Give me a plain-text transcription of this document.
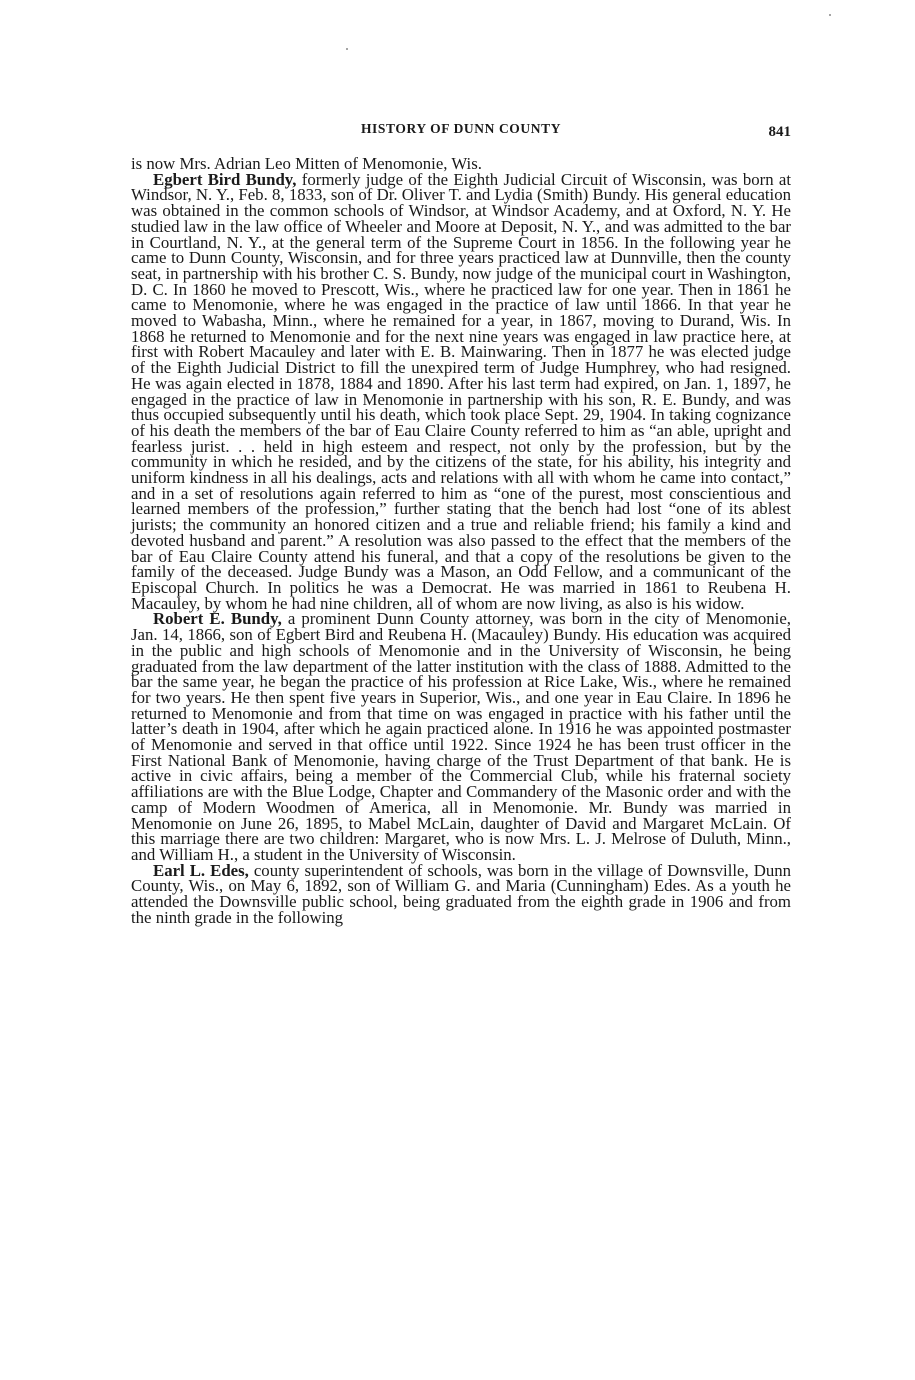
HISTORY OF DUNN COUNTY	841

is now Mrs. Adrian Leo Mitten of Menomonie, Wis.

Egbert Bird Bundy, formerly judge of the Eighth Judicial Circuit of Wisconsin, was born at Windsor, N. Y., Feb. 8, 1833, son of Dr. Oliver T. and Lydia (Smith) Bundy. His general education was obtained in the common schools of Windsor, at Windsor Academy, and at Oxford, N. Y. He studied law in the law office of Wheeler and Moore at Deposit, N. Y., and was admitted to the bar in Courtland, N. Y., at the general term of the Supreme Court in 1856. In the following year he came to Dunn County, Wisconsin, and for three years practiced law at Dunnville, then the county seat, in partnership with his brother C. S. Bundy, now judge of the municipal court in Washington, D. C. In 1860 he moved to Prescott, Wis., where he practiced law for one year. Then in 1861 he came to Menomonie, where he was engaged in the practice of law until 1866. In that year he moved to Wabasha, Minn., where he remained for a year, in 1867, moving to Durand, Wis. In 1868 he returned to Menomonie and for the next nine years was engaged in law practice here, at first with Robert Macauley and later with E. B. Mainwaring. Then in 1877 he was elected judge of the Eighth Judicial District to fill the unexpired term of Judge Humphrey, who had resigned. He was again elected in 1878, 1884 and 1890. After his last term had expired, on Jan. 1, 1897, he engaged in the practice of law in Menomonie in partnership with his son, R. E. Bundy, and was thus occupied subsequently until his death, which took place Sept. 29, 1904. In taking cognizance of his death the members of the bar of Eau Claire County referred to him as “an able, upright and fearless jurist. . . held in high esteem and respect, not only by the profession, but by the community in which he resided, and by the citizens of the state, for his ability, his integrity and uniform kindness in all his dealings, acts and relations with all with whom he came into contact,” and in a set of resolutions again referred to him as “one of the purest, most conscientious and learned members of the profession,” further stating that the bench had lost “one of its ablest jurists; the community an honored citizen and a true and reliable friend; his family a kind and devoted husband and parent.” A resolution was also passed to the effect that the members of the bar of Eau Claire County attend his funeral, and that a copy of the resolutions be given to the family of the deceased. Judge Bundy was a Mason, an Odd Fellow, and a communicant of the Episcopal Church. In politics he was a Democrat. He was married in 1861 to Reubena H. Macauley, by whom he had nine children, all of whom are now living, as also is his widow.

Robert E. Bundy, a prominent Dunn County attorney, was born in the city of Menomonie, Jan. 14, 1866, son of Egbert Bird and Reubena H. (Macauley) Bundy. His education was acquired in the public and high schools of Menomonie and in the University of Wisconsin, he being graduated from the law department of the latter institution with the class of 1888. Admitted to the bar the same year, he began the practice of his profession at Rice Lake, Wis., where he remained for two years. He then spent five years in Superior, Wis., and one year in Eau Claire. In 1896 he returned to Menomonie and from that time on was engaged in practice with his father until the latter’s death in 1904, after which he again practiced alone. In 1916 he was appointed postmaster of Menomonie and served in that office until 1922. Since 1924 he has been trust officer in the First National Bank of Menomonie, having charge of the Trust Department of that bank. He is active in civic affairs, being a member of the Commercial Club, while his fraternal society affiliations are with the Blue Lodge, Chapter and Commandery of the Masonic order and with the camp of Modern Woodmen of America, all in Menomonie. Mr. Bundy was married in Menomonie on June 26, 1895, to Mabel McLain, daughter of David and Margaret McLain. Of this marriage there are two children: Margaret, who is now Mrs. L. J. Melrose of Duluth, Minn., and William H., a student in the University of Wisconsin.

Earl L. Edes, county superintendent of schools, was born in the village of Downsville, Dunn County, Wis., on May 6, 1892, son of William G. and Maria (Cunningham) Edes. As a youth he attended the Downsville public school, being graduated from the eighth grade in 1906 and from the ninth grade in the following
